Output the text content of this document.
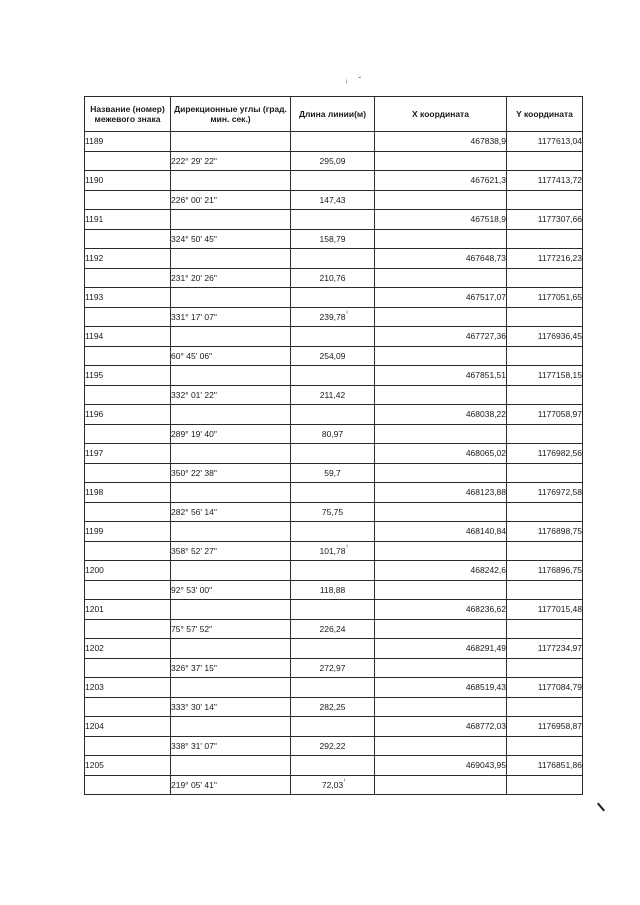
ᵢ     ˇ
Название (номер) межевого знака	Дирекционные углы (град. мин. сек.)	Длина линии(м)	X координата	Y координата
1189			467838,9	1177613,04
	222° 29' 22"	295,09		
1190			467621,3	1177413,72
	226° 00' 21"	147,43		
1191			467518,9	1177307,66
	324° 50' 45"	158,79		
1192			467648,73	1177216,23
	231° 20' 26"	210,76		
1193			467517,07	1177051,65
	331° 17' 07"	239,78 ᶦ		

1194			467727,36	1176936,45
	60° 45' 06"	254,09		
1195			467851,51	1177158,15
	332° 01' 22"	211,42		
1196			468038,22	1177058,97
	289° 19' 40"	80,97		
1197			468065,02	1176982,56
	350° 22' 38"	59,7		
1198			468123,88	1176972,58
	282° 56' 14"	75,75		
1199			468140,84	1176898,75
	358° 52' 27"	101,78 ᶦ		

1200			468242,6	1176896,75
	92° 53' 00"	118,88		
1201			468236,62	1177015,48
	75° 57' 52"	226,24		
1202			468291,49	1177234,97
	326° 37' 15"	272,97		
1203			468519,43	1177084,79
	333° 30' 14"	282,25		
1204			468772,03	1176958,87
	338° 31' 07"	292,22		
1205			469043,95	1176851,86
	219° 05' 41"	72,03 ᶦ		
